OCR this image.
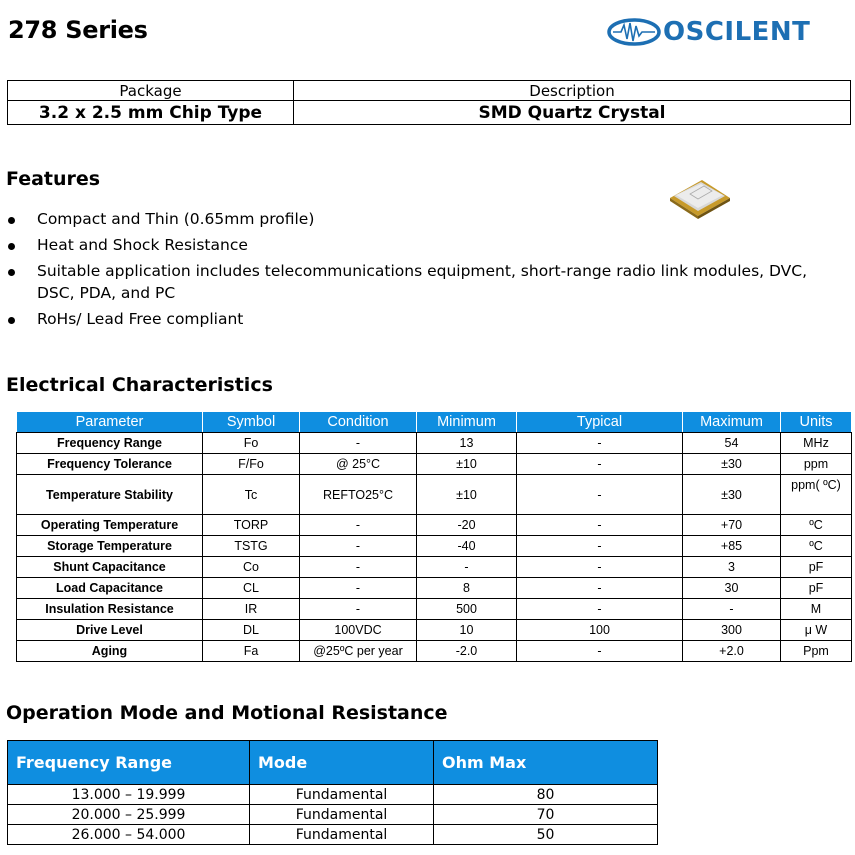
278 Series	OSCILENT
Package	Description
3.2 x 2.5 mm Chip Type	SMD Quartz Crystal
Features
Compact and Thin (0.65mm profile)
Heat and Shock Resistance
Suitable application includes telecommunications equipment, short-range radio link modules, DVC, DSC, PDA, and PC
RoHs/ Lead Free compliant
Electrical Characteristics
Parameter	Symbol	Condition	Minimum	Typical	Maximum	Units
Frequency Range	Fo	-	13	-	54	MHz
Frequency Tolerance	F/Fo	@ 25°C	±10	-	±30	ppm
Temperature Stability	Tc	REFTO25°C	±10	-	±30	ppm( ºC)
Operating Temperature	TORP	-	-20	-	+70	ºC
Storage Temperature	TSTG	-	-40	-	+85	ºC
Shunt Capacitance	Co	-	-	-	3	pF
Load Capacitance	CL	-	8	-	30	pF
Insulation Resistance	IR	-	500	-	-	M
Drive Level	DL	100VDC	10	100	300	μ W
Aging	Fa	@25ºC per year	-2.0	-	+2.0	Ppm
Operation Mode and Motional Resistance
Frequency Range	Mode	Ohm Max
13.000 – 19.999	Fundamental	80
20.000 – 25.999	Fundamental	70
26.000 – 54.000	Fundamental	50
